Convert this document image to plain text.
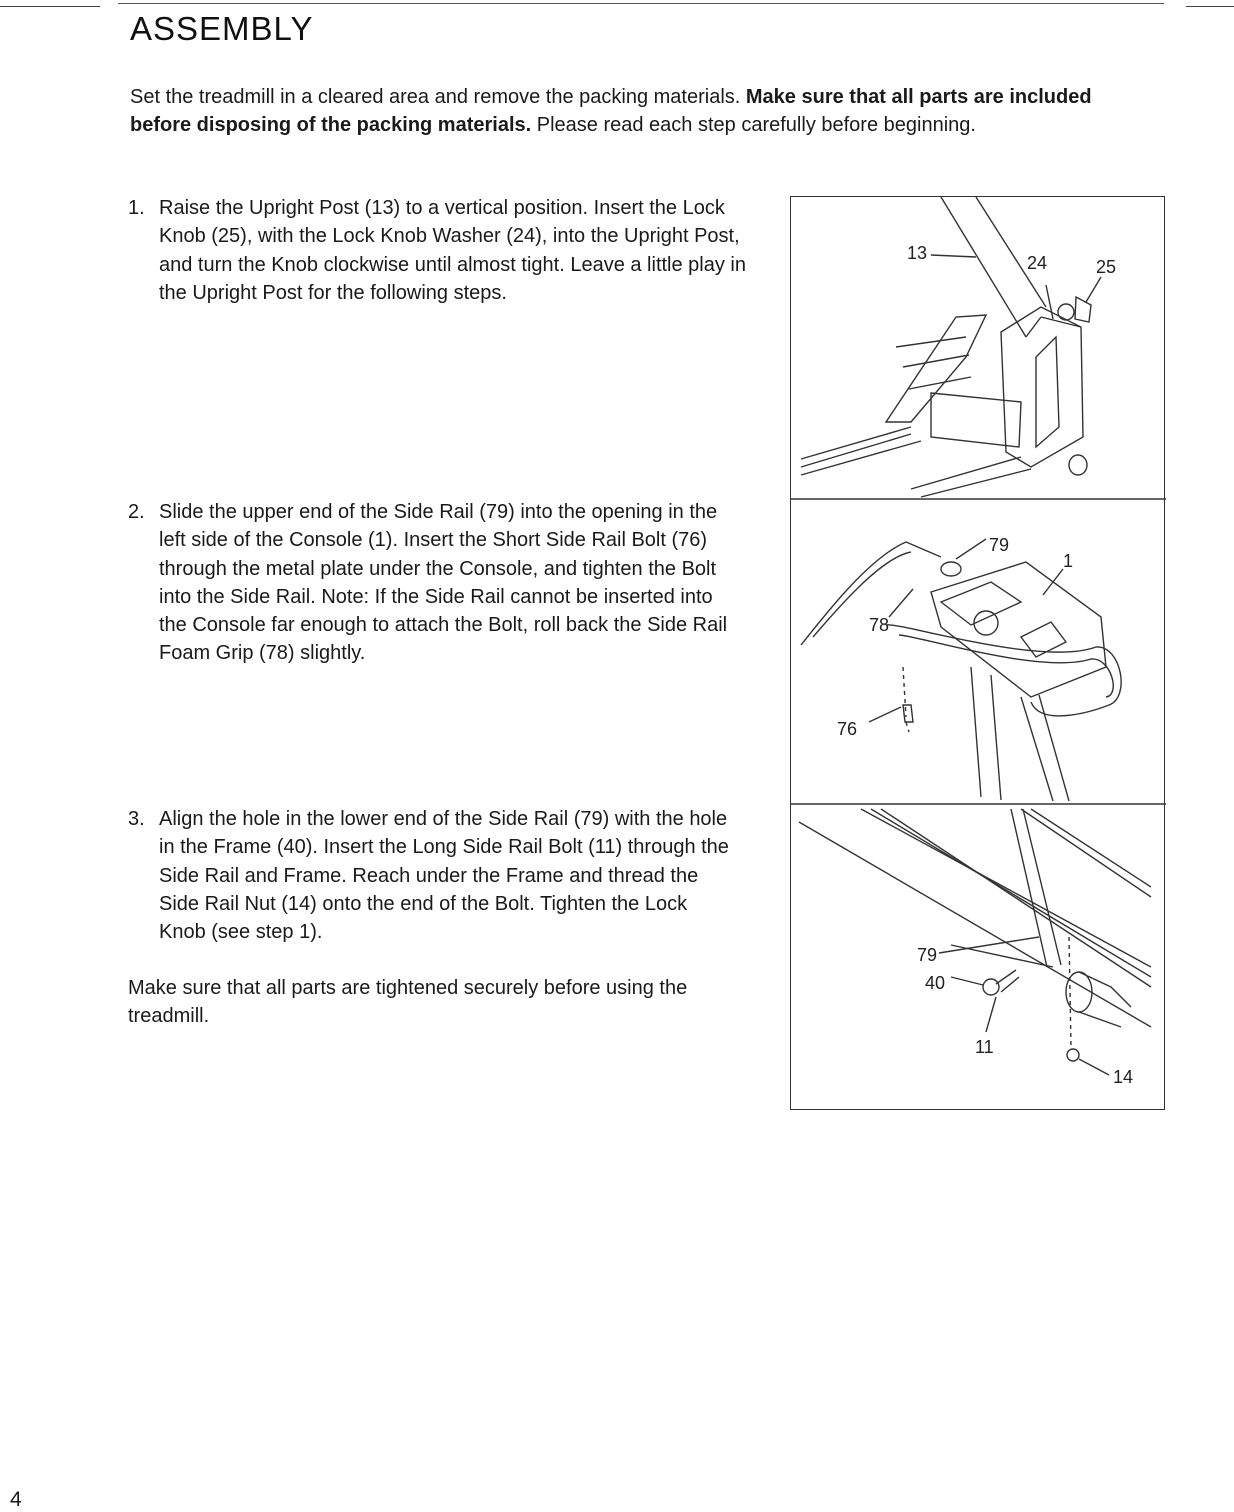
ASSEMBLY

Set the treadmill in a cleared area and remove the packing materials. Make sure that all parts are included before disposing of the packing materials. Please read each step carefully before beginning.

1. Raise the Upright Post (13) to a vertical position. Insert the Lock Knob (25), with the Lock Knob Washer (24), into the Upright Post, and turn the Knob clockwise until almost tight. Leave a little play in the Upright Post for the following steps.
2. Slide the upper end of the Side Rail (79) into the opening in the left side of the Console (1). Insert the Short Side Rail Bolt (76) through the metal plate under the Console, and tighten the Bolt into the Side Rail. Note: If the Side Rail cannot be inserted into the Console far enough to attach the Bolt, roll back the Side Rail Foam Grip (78) slightly.
3. Align the hole in the lower end of the Side Rail (79) with the hole in the Frame (40). Insert the Long Side Rail Bolt (11) through the Side Rail and Frame. Reach under the Frame and thread the Side Rail Nut (14) onto the end of the Bolt. Tighten the Lock Knob (see step 1).

Make sure that all parts are tightened securely before using the treadmill.

13	24	25
79
1
78
76
79
40
11
14

4
